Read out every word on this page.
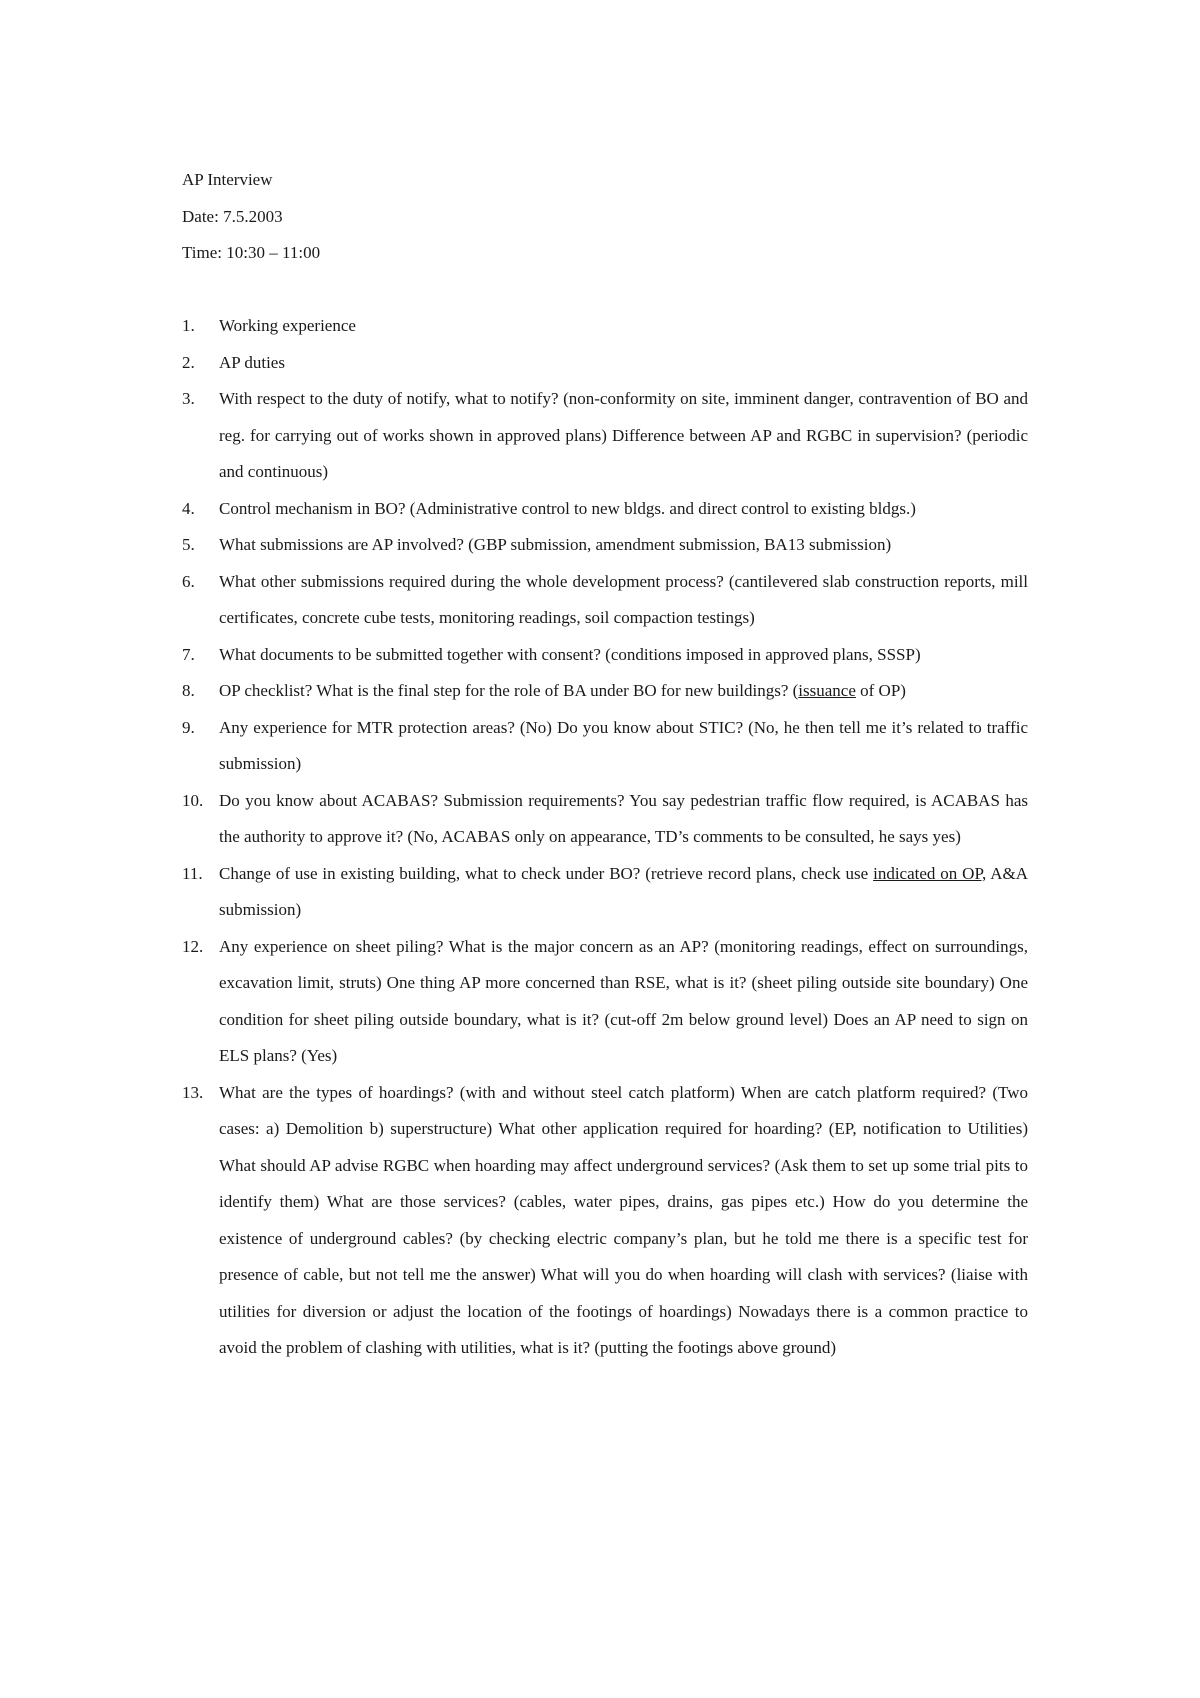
AP Interview

Date: 7.5.2003

Time: 10:30 – 11:00

1.	Working experience
2.	AP duties
3.	With respect to the duty of notify, what to notify? (non-conformity on site, imminent danger, contravention of BO and reg. for carrying out of works shown in approved plans) Difference between AP and RGBC in supervision? (periodic and continuous)
4.	Control mechanism in BO? (Administrative control to new bldgs. and direct control to existing bldgs.)
5.	What submissions are AP involved? (GBP submission, amendment submission, BA13 submission)
6.	What other submissions required during the whole development process? (cantilevered slab construction reports, mill certificates, concrete cube tests, monitoring readings, soil compaction testings)
7.	What documents to be submitted together with consent? (conditions imposed in approved plans, SSSP)
8.	OP checklist? What is the final step for the role of BA under BO for new buildings? (issuance of OP)
9.	Any experience for MTR protection areas? (No) Do you know about STIC? (No, he then tell me it’s related to traffic submission)
10. Do you know about ACABAS? Submission requirements? You say pedestrian traffic flow required, is ACABAS has the authority to approve it? (No, ACABAS only on appearance, TD’s comments to be consulted, he says yes)
11. Change of use in existing building, what to check under BO? (retrieve record plans, check use indicated on OP, A&A submission)
12. Any experience on sheet piling? What is the major concern as an AP? (monitoring readings, effect on surroundings, excavation limit, struts) One thing AP more concerned than RSE, what is it? (sheet piling outside site boundary) One condition for sheet piling outside boundary, what is it? (cut-off 2m below ground level) Does an AP need to sign on ELS plans? (Yes)
13. What are the types of hoardings? (with and without steel catch platform) When are catch platform required? (Two cases: a) Demolition b) superstructure) What other application required for hoarding? (EP, notification to Utilities) What should AP advise RGBC when hoarding may affect underground services? (Ask them to set up some trial pits to identify them) What are those services? (cables, water pipes, drains, gas pipes etc.) How do you determine the existence of underground cables? (by checking electric company’s plan, but he told me there is a specific test for presence of cable, but not tell me the answer) What will you do when hoarding will clash with services? (liaise with utilities for diversion or adjust the location of the footings of hoardings) Nowadays there is a common practice to avoid the problem of clashing with utilities, what is it? (putting the footings above ground)
